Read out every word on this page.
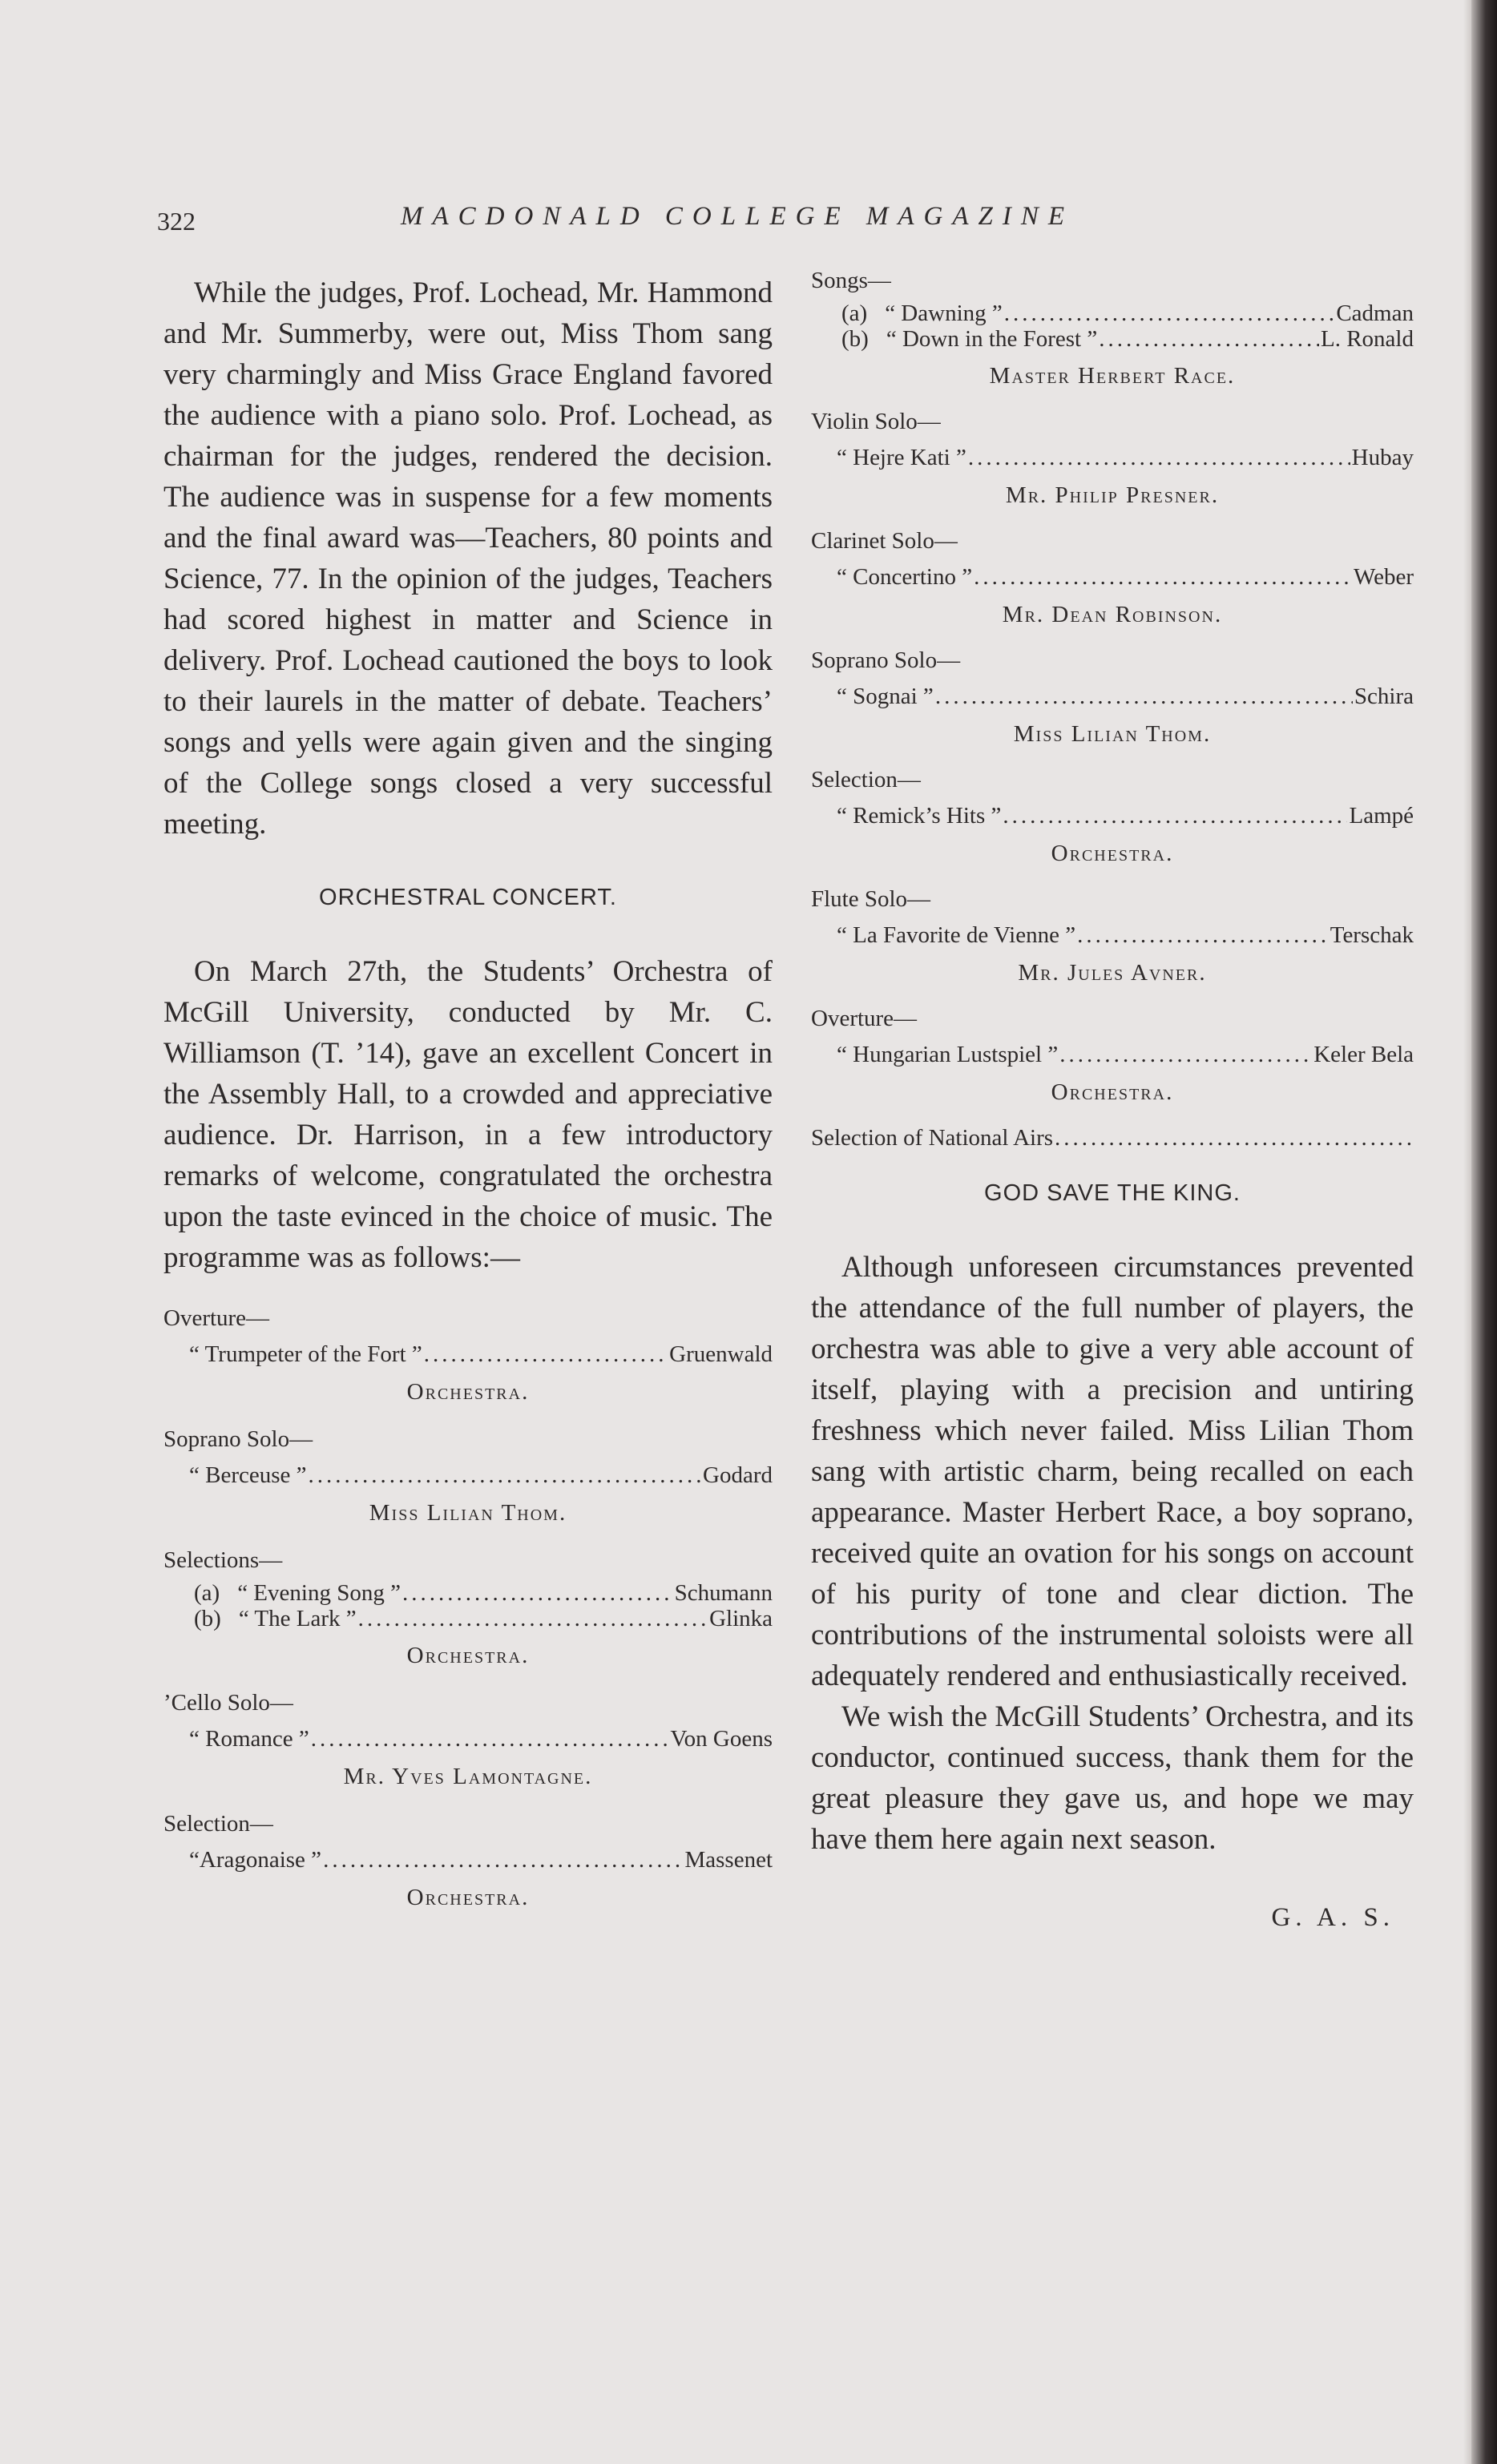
322	MACDONALD COLLEGE MAGAZINE

While the judges, Prof. Lochead, Mr. Hammond and Mr. Summerby, were out, Miss Thom sang very charmingly and Miss Grace England favored the audience with a piano solo. Prof. Lochead, as chairman for the judges, rendered the decision. The audience was in suspense for a few moments and the final award was—Teachers, 80 points and Science, 77. In the opinion of the judges, Teachers had scored highest in matter and Science in delivery. Prof. Lochead cautioned the boys to look to their laurels in the matter of debate. Teachers’ songs and yells were again given and the singing of the College songs closed a very successful meeting.

ORCHESTRAL CONCERT.

On March 27th, the Students’ Orchestra of McGill University, conducted by Mr. C. Williamson (T. ’14), gave an excellent Concert in the Assembly Hall, to a crowded and appreciative audience. Dr. Harrison, in a few introductory remarks of welcome, congratulated the orchestra upon the taste evinced in the choice of music. The programme was as follows:—

Overture—

“ Trumpeter of the Fort ” .....	Gruenwald

Orchestra.

Soprano Solo—

“ Berceuse ” .....	Godard

Miss Lilian Thom.

Selections—

(a) “ Evening Song ” .....	Schumann
(b) “ The Lark ” .....	Glinka

Orchestra.

’Cello Solo—

“ Romance ” .....	Von Goens

Mr. Yves Lamontagne.

Selection—

“Aragonaise ” .....	Massenet

Orchestra.

Songs—

(a) “ Dawning ” .....	Cadman
(b) “ Down in the Forest ” .....	L. Ronald

Master Herbert Race.

Violin Solo—

“ Hejre Kati ” .....	Hubay

Mr. Philip Presner.

Clarinet Solo—

“ Concertino ” .....	Weber

Mr. Dean Robinson.

Soprano Solo—

“ Sognai ” .....	Schira

Miss Lilian Thom.

Selection—

“ Remick’s Hits ” .....	Lampé

Orchestra.

Flute Solo—

“ La Favorite de Vienne ” .....	Terschak

Mr. Jules Avner.

Overture—

“ Hungarian Lustspiel ” .....	Keler Bela

Orchestra.

Selection of National Airs
.....

GOD SAVE THE KING.

Although unforeseen circumstances prevented the attendance of the full number of players, the orchestra was able to give a very able account of itself, playing with a precision and untiring freshness which never failed. Miss Lilian Thom sang with artistic charm, being recalled on each appearance. Master Herbert Race, a boy soprano, received quite an ovation for his songs on account of his purity of tone and clear diction. The contributions of the instrumental soloists were all adequately rendered and enthusiastically received.

We wish the McGill Students’ Orchestra, and its conductor, continued success, thank them for the great pleasure they gave us, and hope we may have them here again next season.

G. A. S.
